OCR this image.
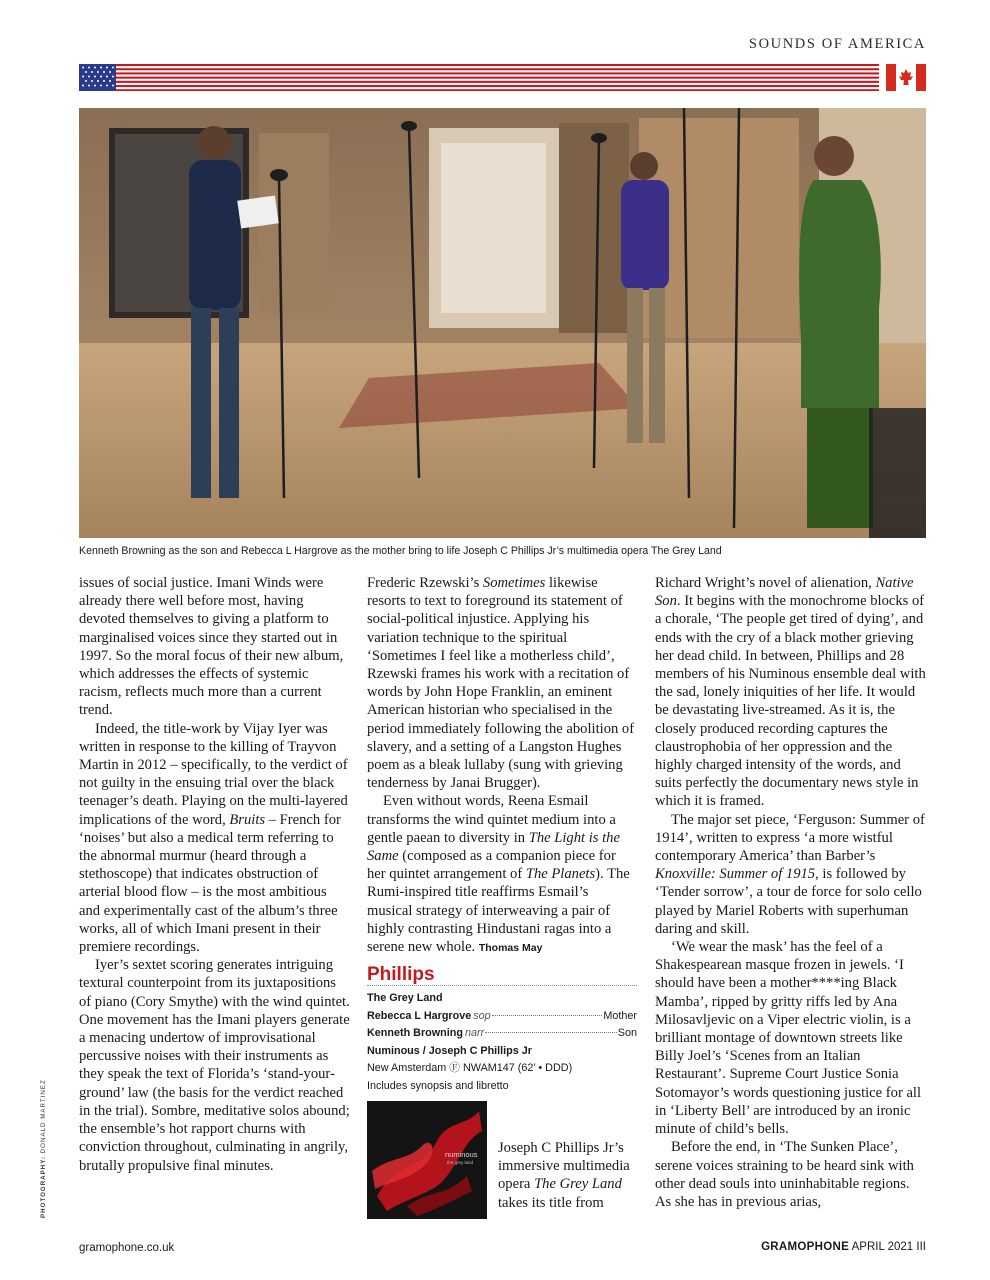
SOUNDS OF AMERICA
Kenneth Browning as the son and Rebecca L Hargrove as the mother bring to life Joseph C Phillips Jr’s multimedia opera The Grey Land
PHOTOGRAPHY: DONALD MARTINEZ

issues of social justice. Imani Winds were already there well before most, having devoted themselves to giving a platform to marginalised voices since they started out in 1997. So the moral focus of their new album, which addresses the effects of systemic racism, reflects much more than a current trend.

Indeed, the title-work by Vijay Iyer was written in response to the killing of Trayvon Martin in 2012 – specifically, to the verdict of not guilty in the ensuing trial over the black teenager’s death. Playing on the multi-layered implications of the word, Bruits – French for ‘noises’ but also a medical term referring to the abnormal murmur (heard through a stethoscope) that indicates obstruction of arterial blood flow – is the most ambitious and experimentally cast of the album’s three works, all of which Imani present in their premiere recordings.

Iyer’s sextet scoring generates intriguing textural counterpoint from its juxtapositions of piano (Cory Smythe) with the wind quintet. One movement has the Imani players generate a menacing undertow of improvisational percussive noises with their instruments as they speak the text of Florida’s ‘stand-your-ground’ law (the basis for the verdict reached in the trial). Sombre, meditative solos abound; the ensemble’s hot rapport churns with conviction throughout, culminating in angrily, brutally propulsive final minutes.

Frederic Rzewski’s Sometimes likewise resorts to text to foreground its statement of social-political injustice. Applying his variation technique to the spiritual ‘Sometimes I feel like a motherless child’, Rzewski frames his work with a recitation of words by John Hope Franklin, an eminent American historian who specialised in the period immediately following the abolition of slavery, and a setting of a Langston Hughes poem as a bleak lullaby (sung with grieving tenderness by Janai Brugger).

Even without words, Reena Esmail transforms the wind quintet medium into a gentle paean to diversity in The Light is the Same (composed as a companion piece for her quintet arrangement of The Planets). The Rumi-inspired title reaffirms Esmail’s musical strategy of interweaving a pair of highly contrasting Hindustani ragas into a serene new whole. Thomas May

Phillips
The Grey Land
Rebecca L Hargrove sop	Mother
Kenneth Browning narr	Son
Numinous / Joseph C Phillips Jr
New Amsterdam Ⓕ NWAM147 (62’ • DDD)
Includes synopsis and libretto
numinous
the grey land
Joseph C Phillips Jr’s immersive multimedia opera The Grey Land takes its title from

Richard Wright’s novel of alienation, Native Son. It begins with the monochrome blocks of a chorale, ‘The people get tired of dying’, and ends with the cry of a black mother grieving her dead child. In between, Phillips and 28 members of his Numinous ensemble deal with the sad, lonely iniquities of her life. It would be devastating live-streamed. As it is, the closely produced recording captures the claustrophobia of her oppression and the highly charged intensity of the words, and suits perfectly the documentary news style in which it is framed.

The major set piece, ‘Ferguson: Summer of 1914’, written to express ‘a more wistful contemporary America’ than Barber’s Knoxville: Summer of 1915, is followed by ‘Tender sorrow’, a tour de force for solo cello played by Mariel Roberts with superhuman daring and skill.

‘We wear the mask’ has the feel of a Shakespearean masque frozen in jewels. ‘I should have been a mother****ing Black Mamba’, ripped by gritty riffs led by Ana Milosavljevic on a Viper electric violin, is a brilliant montage of downtown streets like Billy Joel’s ‘Scenes from an Italian Restaurant’. Supreme Court Justice Sonia Sotomayor’s words questioning justice for all in ‘Liberty Bell’ are introduced by an ironic minute of child’s bells.

Before the end, in ‘The Sunken Place’, serene voices straining to be heard sink with other dead souls into uninhabitable regions. As she has in previous arias,

gramophone.co.uk	GRAMOPHONE APRIL 2021 III
